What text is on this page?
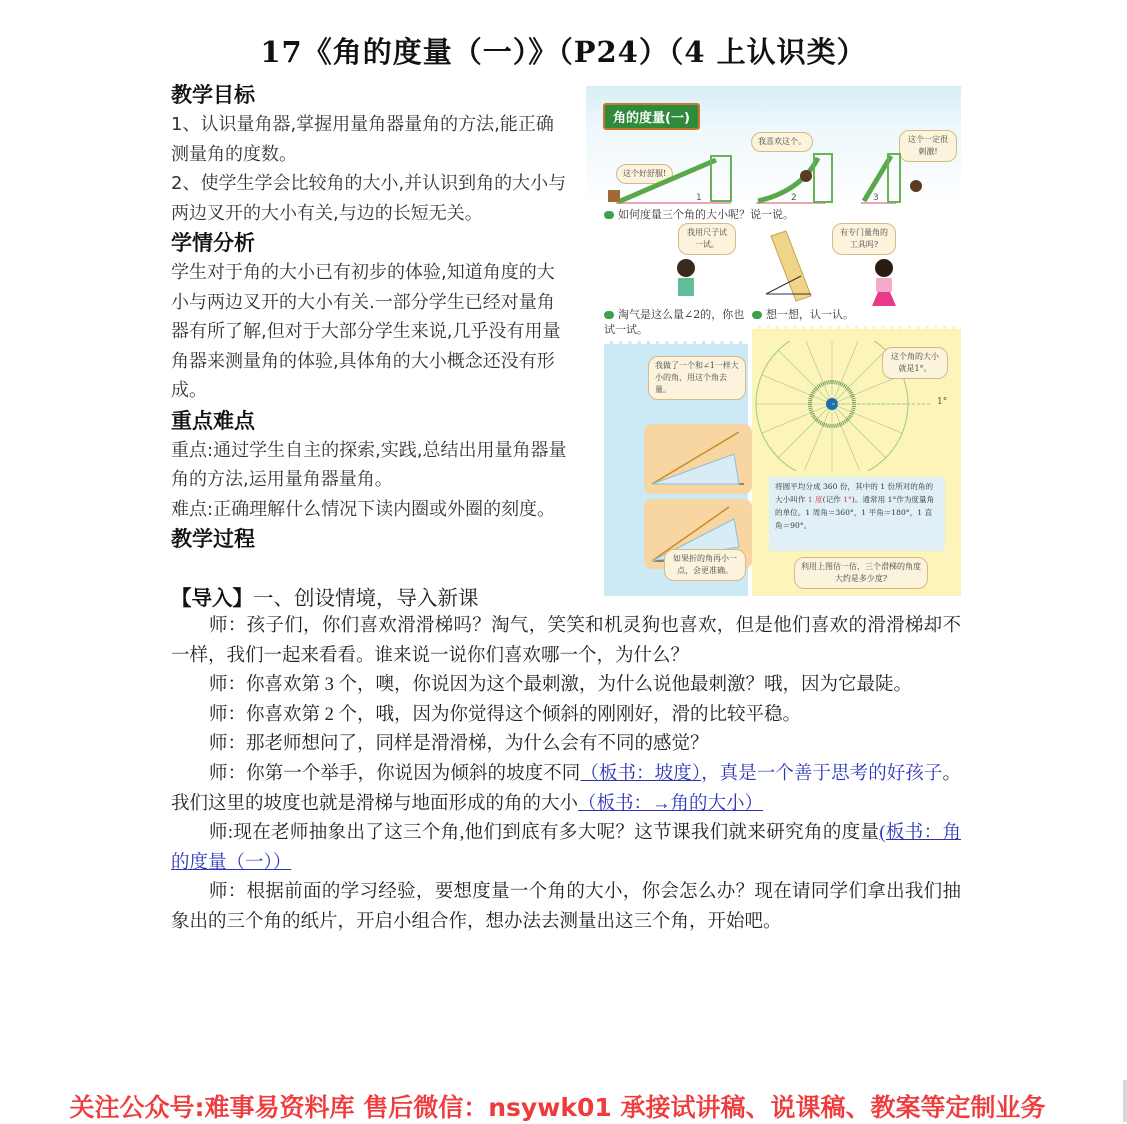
17《角的度量（一）》（P24）（4 上认识类）

教学目标

1、认识量角器,掌握用量角器量角的方法,能正确测量角的度数。

2、使学生学会比较角的大小,并认识到角的大小与两边叉开的大小有关,与边的长短无关。

学情分析

学生对于角的大小已有初步的体验,知道角度的大小与两边叉开的大小有关.一部分学生已经对量角器有所了解,但对于大部分学生来说,几乎没有用量角器来测量角的体验,具体角的大小概念还没有形成。

重点难点

重点:通过学生自主的探索,实践,总结出用量角器量角的方法,运用量角器量角。

难点:正确理解什么情况下读内圈或外圈的刻度。

教学过程

【导入】一、创设情境，导入新课

师：孩子们，你们喜欢滑滑梯吗？淘气，笑笑和机灵狗也喜欢，但是他们喜欢的滑滑梯却不一样，我们一起来看看。谁来说一说你们喜欢哪一个，为什么？

师：你喜欢第 3 个，噢，你说因为这个最刺激，为什么说他最刺激？哦，因为它最陡。

师：你喜欢第 2 个，哦，因为你觉得这个倾斜的刚刚好，滑的比较平稳。

师：那老师想问了，同样是滑滑梯，为什么会有不同的感觉？

师：你第一个举手，你说因为倾斜的坡度不同（板书：坡度），真是一个善于思考的好孩子。我们这里的坡度也就是滑梯与地面形成的角的大小（板书：→角的大小）

师:现在老师抽象出了这三个角,他们到底有多大呢？这节课我们就来研究角的度量(板书：角的度量（一））

师：根据前面的学习经验，要想度量一个角的大小，你会怎么办？现在请同学们拿出我们抽象出的三个角的纸片，开启小组合作，想办法去测量出这三个角，开始吧。

角的度量(一)
这个好舒服!
我喜欢这个。	这个一定很刺激!
1	2	3
如何度量三个角的大小呢？说一说。
我用尺子试一试。
有专门量角的工具吗?
淘气是这么量∠2的，你也试一试。
想一想，认一认。
我做了一个和∠1一样大小的角，用这个角去量。
如果折的角再小一点，会更准确。
这个角的大小就是1°。
1°
将圆平均分成 360 份，其中的 1 份所对的角的大小叫作 1 度(记作 1°)。通常用 1°作为度量角的单位。1 周角＝360°，1 平角＝180°，1 直角＝90°。
利用上图估一估，三个滑梯的角度大约是多少度?
关注公众号:难事易资料库 售后微信：nsywk01 承接试讲稿、说课稿、教案等定制业务
